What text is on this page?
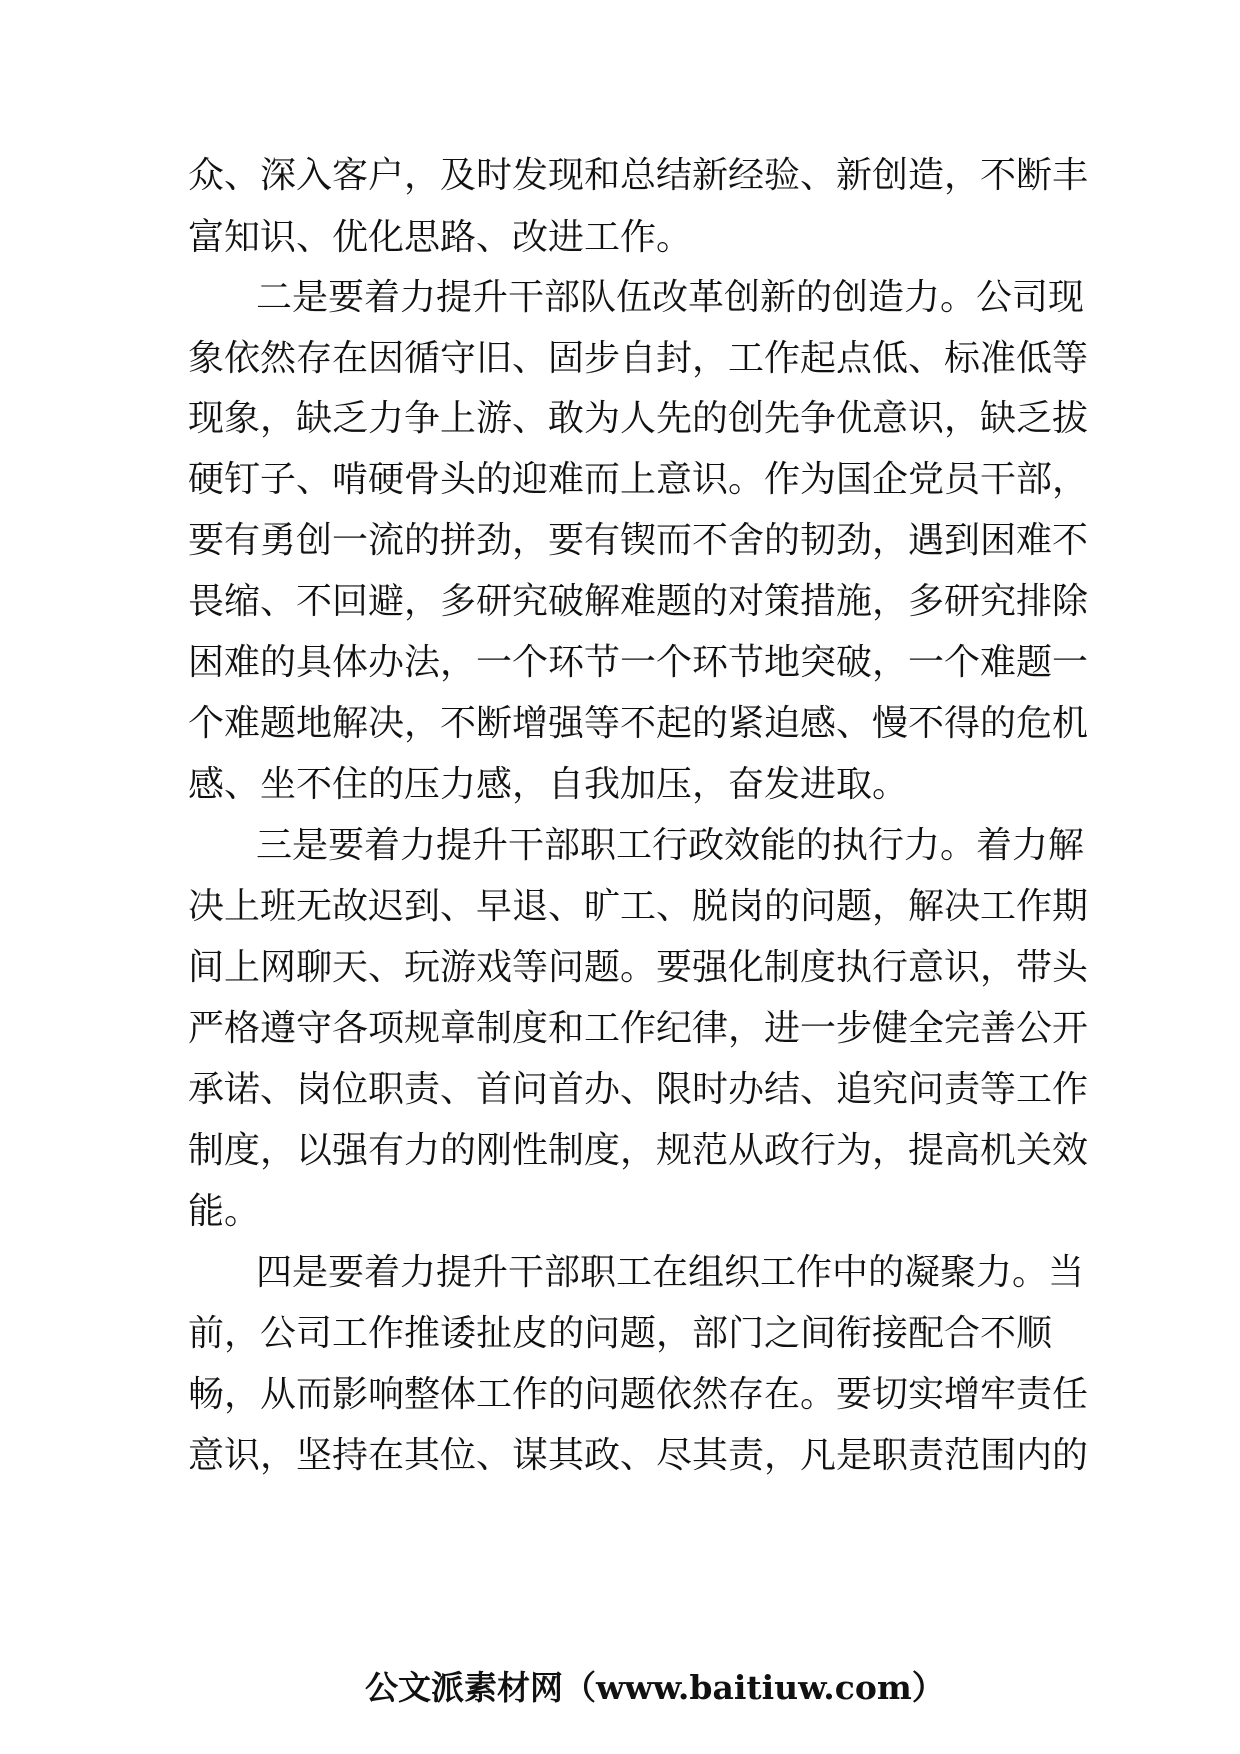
众、深入客户，及时发现和总结新经验、新创造，不断丰
富知识、优化思路、改进工作。
二是要着力提升干部队伍改革创新的创造力。公司现
象依然存在因循守旧、固步自封，工作起点低、标准低等
现象，缺乏力争上游、敢为人先的创先争优意识，缺乏拔
硬钉子、啃硬骨头的迎难而上意识。作为国企党员干部，
要有勇创一流的拼劲，要有锲而不舍的韧劲，遇到困难不
畏缩、不回避，多研究破解难题的对策措施，多研究排除
困难的具体办法，一个环节一个环节地突破，一个难题一
个难题地解决，不断增强等不起的紧迫感、慢不得的危机
感、坐不住的压力感，自我加压，奋发进取。
三是要着力提升干部职工行政效能的执行力。着力解
决上班无故迟到、早退、旷工、脱岗的问题，解决工作期
间上网聊天、玩游戏等问题。要强化制度执行意识，带头
严格遵守各项规章制度和工作纪律，进一步健全完善公开
承诺、岗位职责、首问首办、限时办结、追究问责等工作
制度，以强有力的刚性制度，规范从政行为，提高机关效
能。
四是要着力提升干部职工在组织工作中的凝聚力。当
前，公司工作推诿扯皮的问题，部门之间衔接配合不顺
畅，从而影响整体工作的问题依然存在。要切实增牢责任
意识，坚持在其位、谋其政、尽其责，凡是职责范围内的
公文派素材网（www.baitiuw.com）
